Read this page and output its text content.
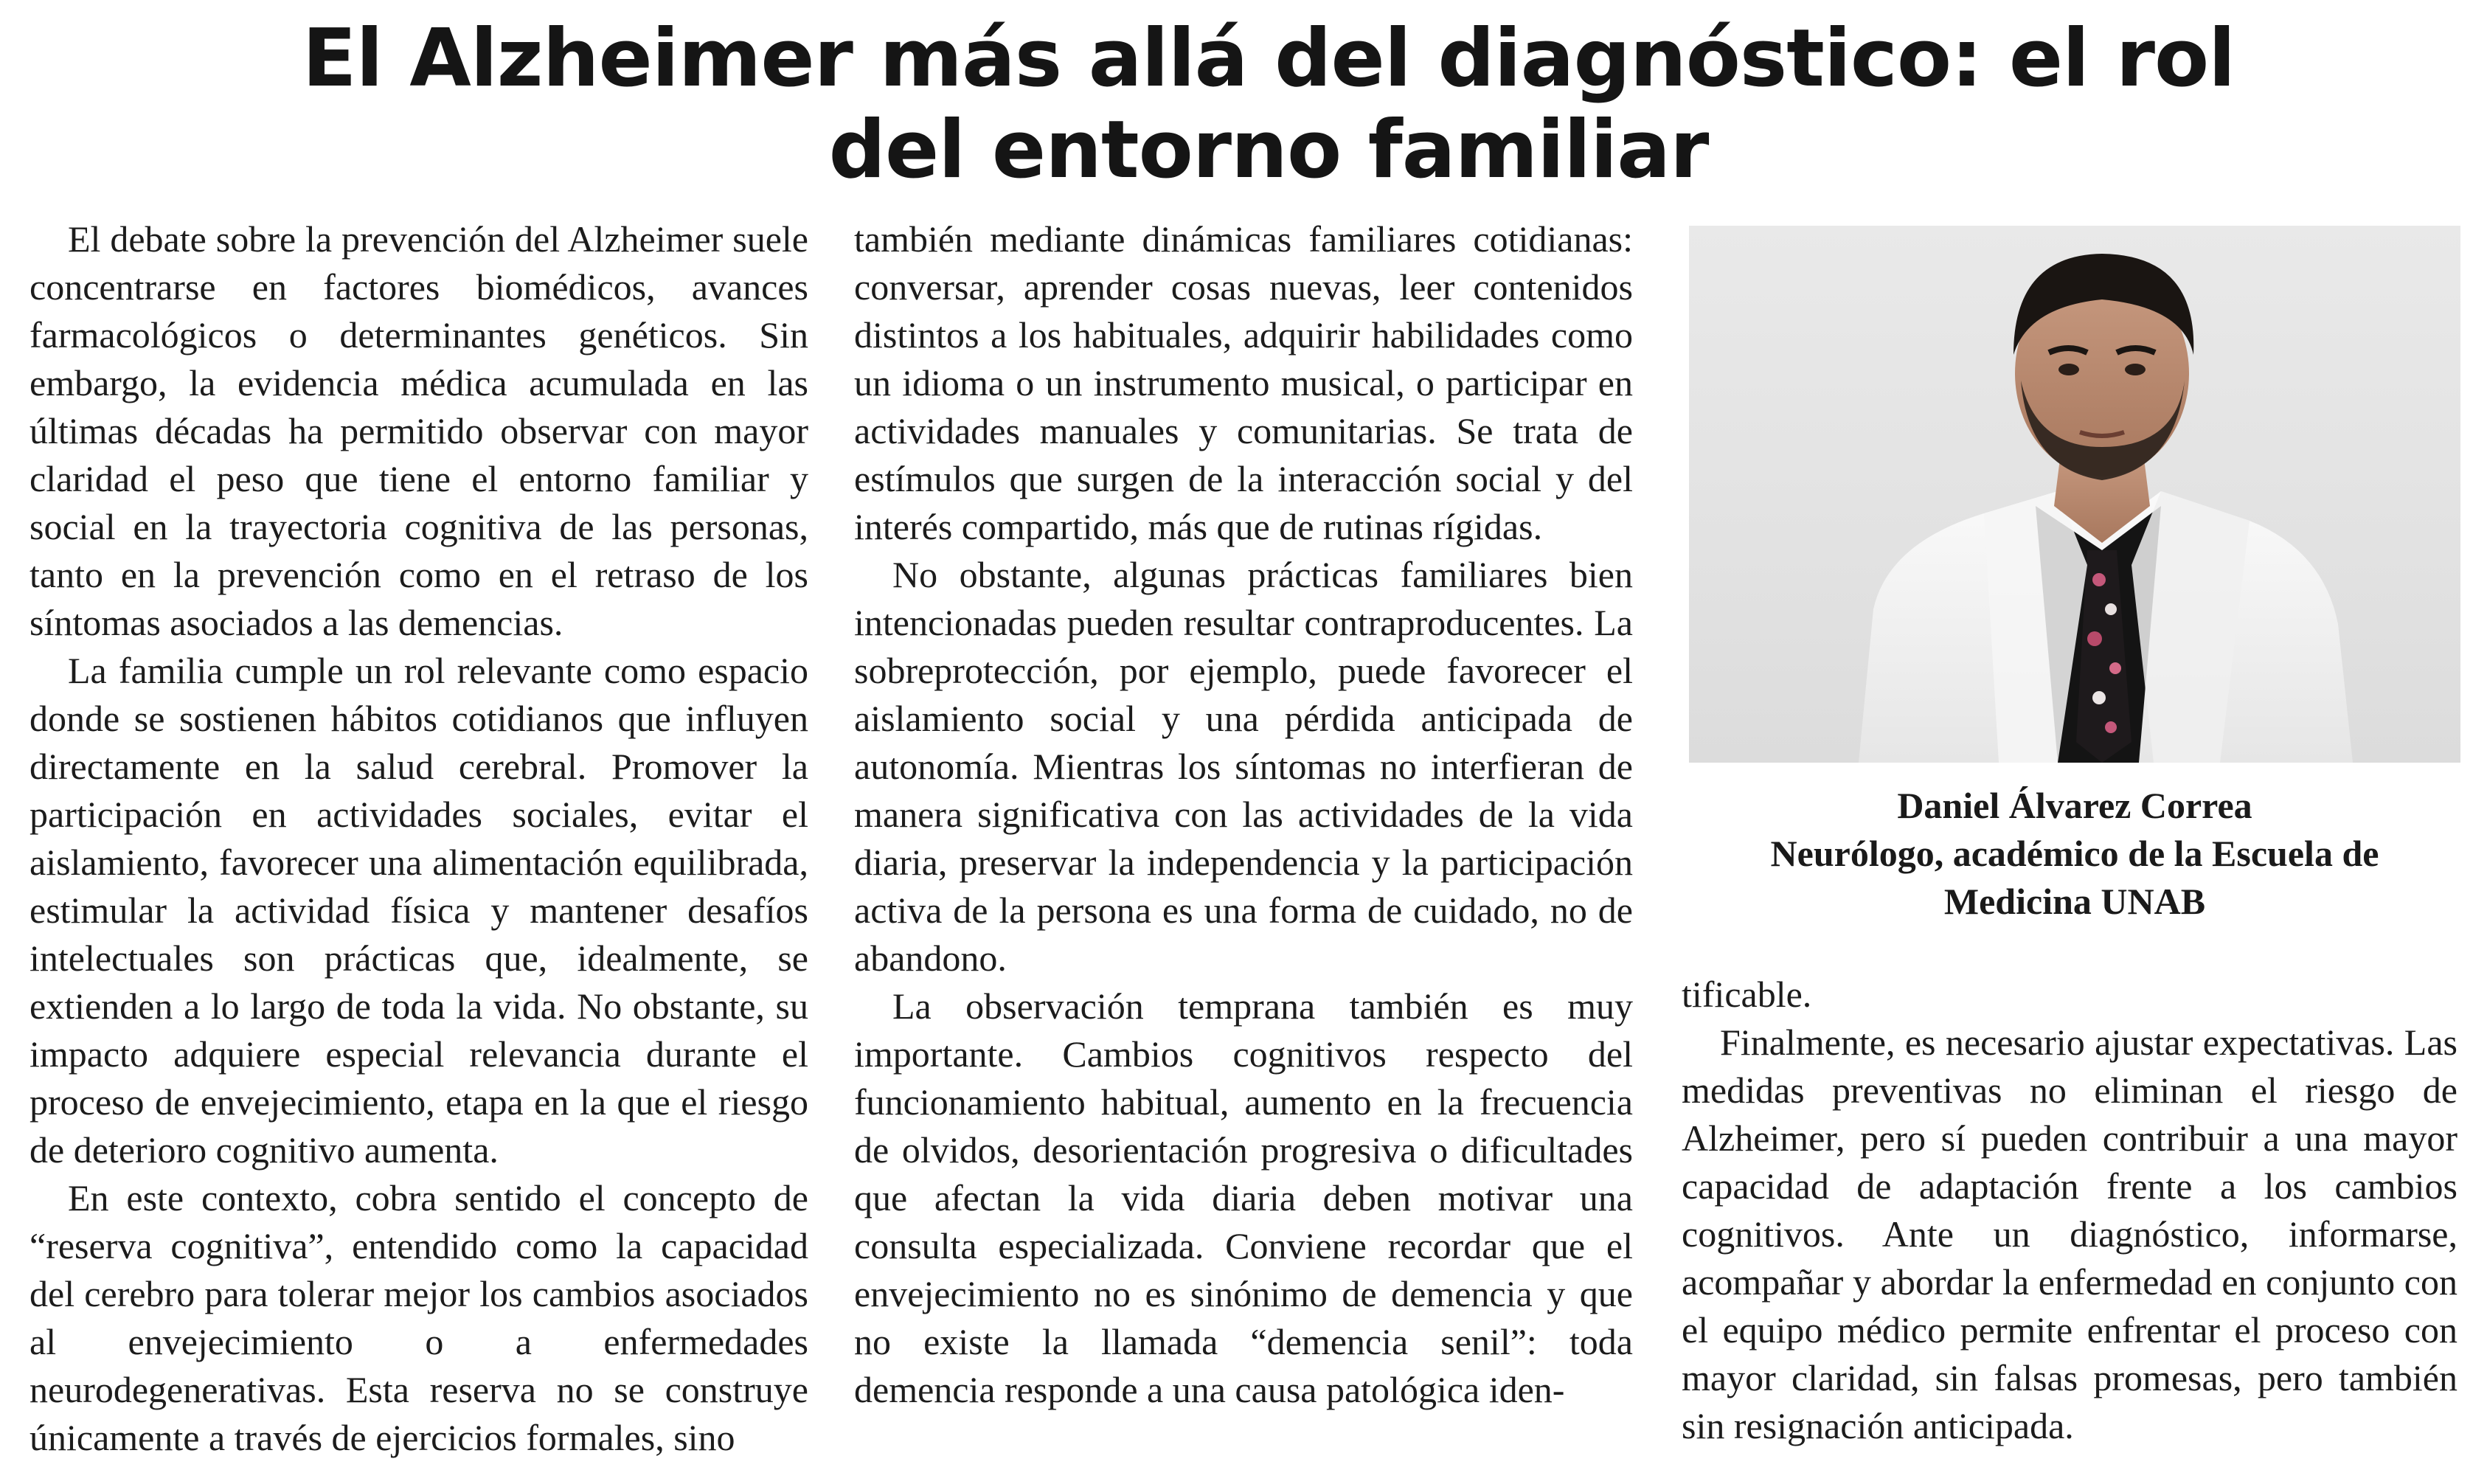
El Alzheimer más allá del diagnóstico: el rol
del entorno familiar

El debate sobre la prevención del Alzheimer suele concentrarse en factores biomédicos, avances farmacológicos o determinantes genéticos. Sin embargo, la evidencia médica acumulada en las últimas décadas ha permitido observar con mayor claridad el peso que tiene el entorno familiar y social en la trayectoria cognitiva de las personas, tanto en la prevención como en el retraso de los síntomas asociados a las demencias.

La familia cumple un rol relevante como espacio donde se sostienen hábitos cotidianos que influyen directamente en la salud cerebral. Promover la participación en actividades sociales, evitar el aislamiento, favorecer una alimentación equilibrada, estimular la actividad física y mantener desafíos intelectuales son prácticas que, idealmente, se extienden a lo largo de toda la vida. No obstante, su impacto adquiere especial relevancia durante el proceso de envejecimiento, etapa en la que el riesgo de deterioro cognitivo aumenta.

En este contexto, cobra sentido el concepto de “reserva cognitiva”, entendido como la capacidad del cerebro para tolerar mejor los cambios asociados al envejecimiento o a enfermedades neurodegenerativas. Esta reserva no se construye únicamente a través de ejercicios formales, sino

también mediante dinámicas familiares cotidianas: conversar, aprender cosas nuevas, leer contenidos distintos a los habituales, adquirir habilidades como un idioma o un instrumento musical, o participar en actividades manuales y comunitarias. Se trata de estímulos que surgen de la interacción social y del interés compartido, más que de rutinas rígidas.

No obstante, algunas prácticas familiares bien intencionadas pueden resultar contraproducentes. La sobreprotección, por ejemplo, puede favorecer el aislamiento social y una pérdida anticipada de autonomía. Mientras los síntomas no interfieran de manera significativa con las actividades de la vida diaria, preservar la independencia y la participación activa de la persona es una forma de cuidado, no de abandono.

La observación temprana también es muy importante. Cambios cognitivos respecto del funcionamiento habitual, aumento en la frecuencia de olvidos, desorientación progresiva o dificultades que afectan la vida diaria deben motivar una consulta especializada. Conviene recordar que el envejecimiento no es sinónimo de demencia y que no existe la llamada “demencia senil”: toda demencia responde a una causa patológica iden-

Daniel Álvarez Correa
Neurólogo, académico de la Escuela de
Medicina UNAB

tificable.

Finalmente, es necesario ajustar expectativas. Las medidas preventivas no eliminan el riesgo de Alzheimer, pero sí pueden contribuir a una mayor capacidad de adaptación frente a los cambios cognitivos. Ante un diagnóstico, informarse, acompañar y abordar la enfermedad en conjunto con el equipo médico permite enfrentar el proceso con mayor claridad, sin falsas promesas, pero también sin resignación anticipada.
